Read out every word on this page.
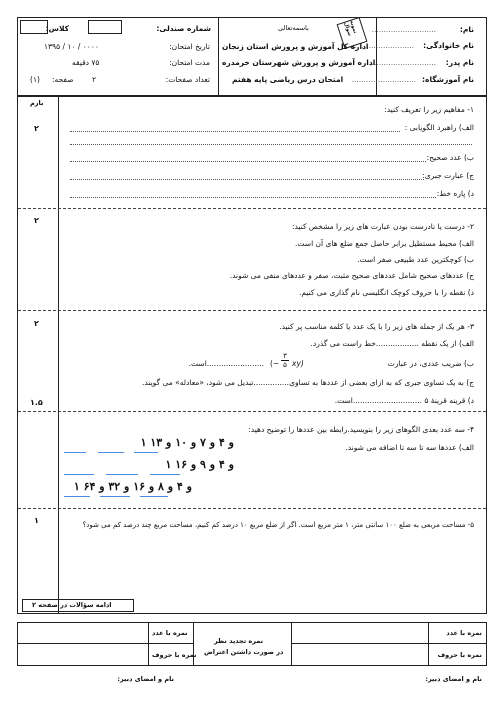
نام:
...........................
نام خانوادگی:
...........................
نام پدر:
...........................
نام آموزشگاه:
...........................
باسمه‌تعالی	نمونه سوال
اداره کل آموزش و پرورش استان زنجان
اداره آموزش و پرورش شهرستان خرمدره
امتحان درس ریاضی پایه هفتم
شماره صندلی:
کلاس:
تاریخ امتحان:
۰۰۰۰ / ۱۰ / ۱۳۹۵
مدت امتحان:
۷۵ دقیقه
تعداد صفحات:
۲
صفحه:
(۱)
بارم
۲
۲
۲
۱.۵
۱
۱- مفاهیم زیر را تعریف کنید:
الف) راهبرد الگویابی :
ب) عدد صحیح:
ج) عبارت جبری:
د) پاره خط:
۲- درست یا نادرست بودن عبارت های زیر را مشخص کنید:
الف) محیط مستطیل برابر حاصل جمع ضلع های آن است.
ب) کوچکترین عدد طبیعی صفر است.
ج) عددهای صحیح شامل عددهای صحیح مثبت، صفر و عددهای منفی می شوند.
د) نقطه را با حروف کوچک انگلیسی نام گذاری می کنیم.
۳- هر یک از جمله های زیر را با یک عدد یا کلمه مناسب پر کنید.
الف) از یک نقطه ..................خط راست می گذرد.
ب) ضریب عددی، در عبارت
(−
۳
۵ xy)
........................است.
ج) به یک تساوی جبری که به ازای بعضی از عددها به تساوی...............تبدیل می شود، «معادله» می گویند.
د) قرینه قرینۀ ۵ .............................است.
۴- سه عدد بعدی الگوهای زیر را بنویسید.رابطه بین عددها را توضیح دهید:
الف) عددها سه تا سه تا اضافه می شوند.
۱ و ۴ و ۷ و ۱۰ و ۱۳
۱ و ۴ و ۹ و ۱۶
۱ و ۴ و ۸ و ۱۶ و ۳۲ و ۶۴
۵- مساحت مربعی به ضلع ۱۰۰ سانتی متر، ۱ متر مربع است. اگر از ضلع مربع ۱۰ درصد کم کنیم، مساحت مربع چند درصد کم می شود؟
ادامه سؤالات در صفحه ۲
نمره با عدد
نمره با حروف
نمره تجدید نظر
در صورت داشتن اعتراض
نمره با عدد
نمره با حروف
نام و امضای دبیر:
نام و امضای دبیر:
